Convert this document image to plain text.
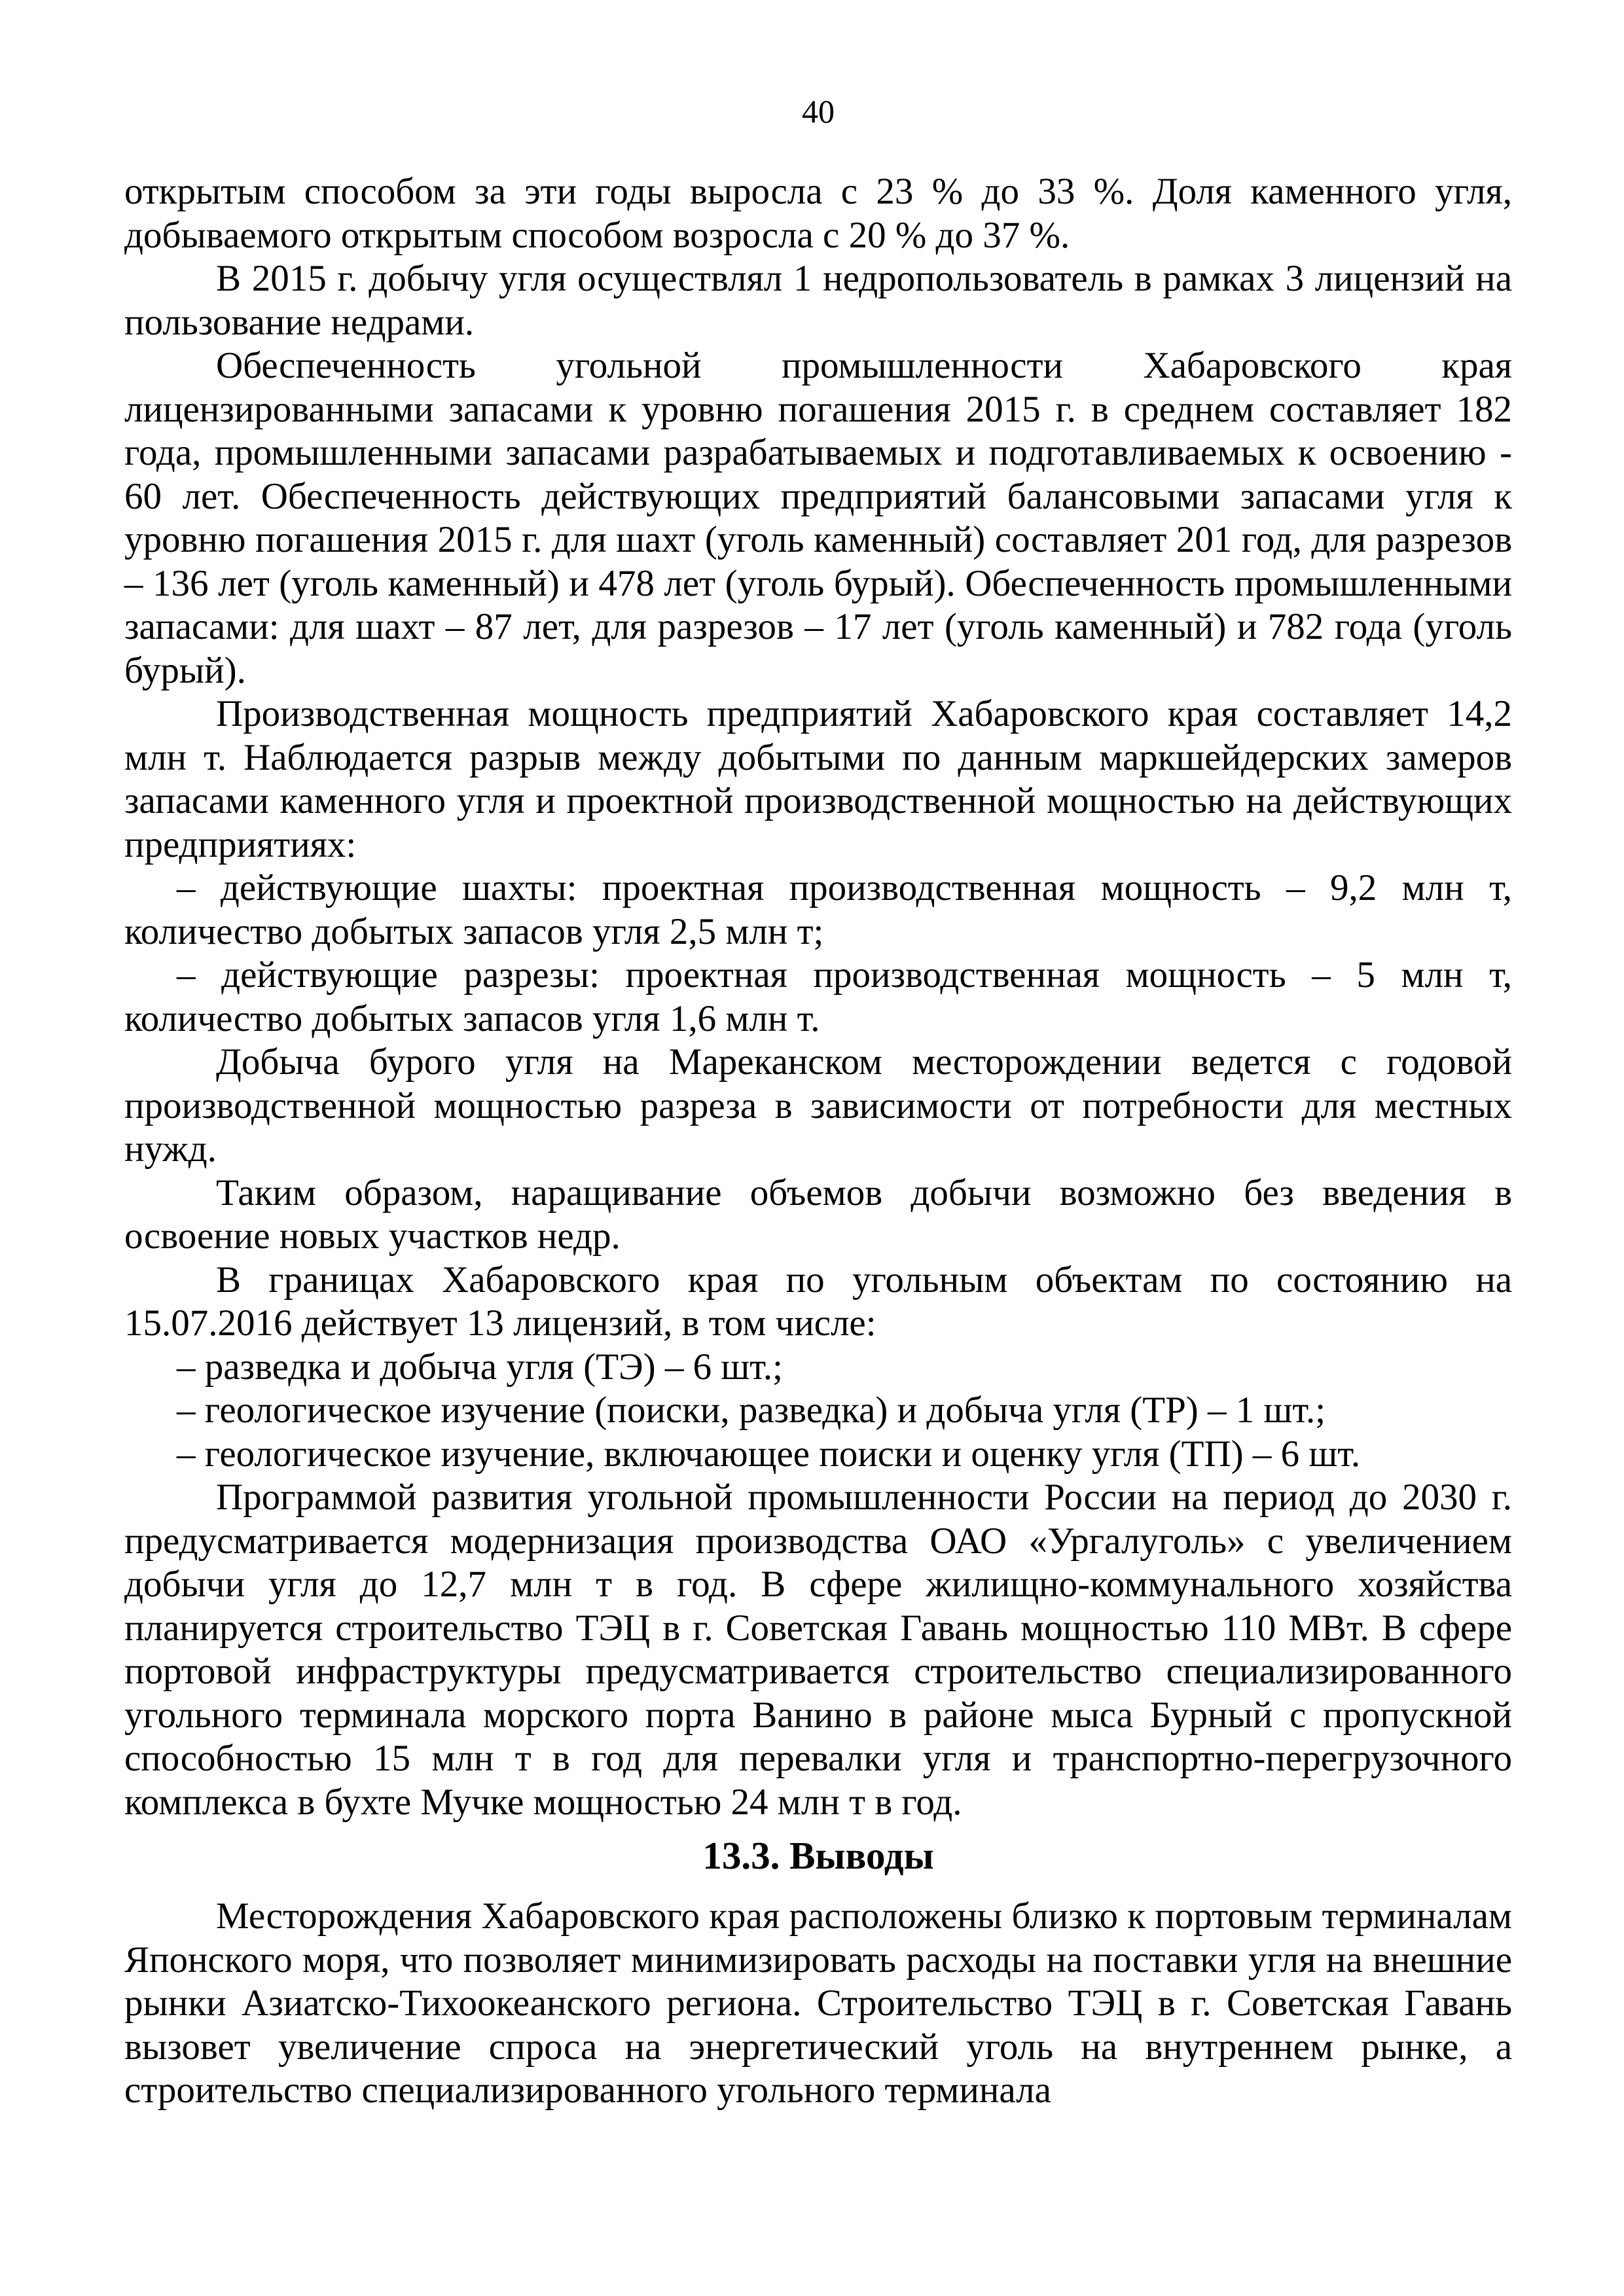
40

открытым способом за эти годы выросла с 23 % до 33 %. Доля каменного угля, добываемого открытым способом возросла с 20 % до 37 %.

В 2015 г. добычу угля осуществлял 1 недропользователь в рамках 3 лицензий на пользование недрами.

Обеспеченность угольной промышленности Хабаровского края лицензированными запасами к уровню погашения 2015 г. в среднем составляет 182 года, промышленными запасами разрабатываемых и подготавливаемых к освоению - 60 лет. Обеспеченность действующих предприятий балансовыми запасами угля к уровню погашения 2015 г. для шахт (уголь каменный) составляет 201 год, для разрезов – 136 лет (уголь каменный) и 478 лет (уголь бурый). Обеспеченность промышленными запасами: для шахт – 87 лет, для разрезов – 17 лет (уголь каменный) и 782 года (уголь бурый).

Производственная мощность предприятий Хабаровского края составляет 14,2 млн т. Наблюдается разрыв между добытыми по данным маркшейдерских замеров запасами каменного угля и проектной производственной мощностью на действующих предприятиях:

– действующие шахты: проектная производственная мощность – 9,2 млн т, количество добытых запасов угля 2,5 млн т;

– действующие разрезы: проектная производственная мощность – 5 млн т, количество добытых запасов угля 1,6 млн т.

Добыча бурого угля на Мареканском месторождении ведется с годовой производственной мощностью разреза в зависимости от потребности для местных нужд.

Таким образом, наращивание объемов добычи возможно без введения в освоение новых участков недр.

В границах Хабаровского края по угольным объектам по состоянию на 15.07.2016 действует 13 лицензий, в том числе:

– разведка и добыча угля (ТЭ) – 6 шт.;
– геологическое изучение (поиски, разведка) и добыча угля (ТР) – 1 шт.;
– геологическое изучение, включающее поиски и оценку угля (ТП) – 6 шт.

Программой развития угольной промышленности России на период до 2030 г. предусматривается модернизация производства ОАО «Ургалуголь» с увеличением добычи угля до 12,7 млн т в год. В сфере жилищно-коммунального хозяйства планируется строительство ТЭЦ в г. Советская Гавань мощностью 110 МВт. В сфере портовой инфраструктуры предусматривается строительство специализированного угольного терминала морского порта Ванино в районе мыса Бурный с пропускной способностью 15 млн т в год для перевалки угля и транспортно-перегрузочного комплекса в бухте Мучке мощностью 24 млн т в год.

13.3. Выводы

Месторождения Хабаровского края расположены близко к портовым терминалам Японского моря, что позволяет минимизировать расходы на поставки угля на внешние рынки Азиатско-Тихоокеанского региона. Строительство ТЭЦ в г. Советская Гавань вызовет увеличение спроса на энергетический уголь на внутреннем рынке, а строительство специализированного угольного терминала
